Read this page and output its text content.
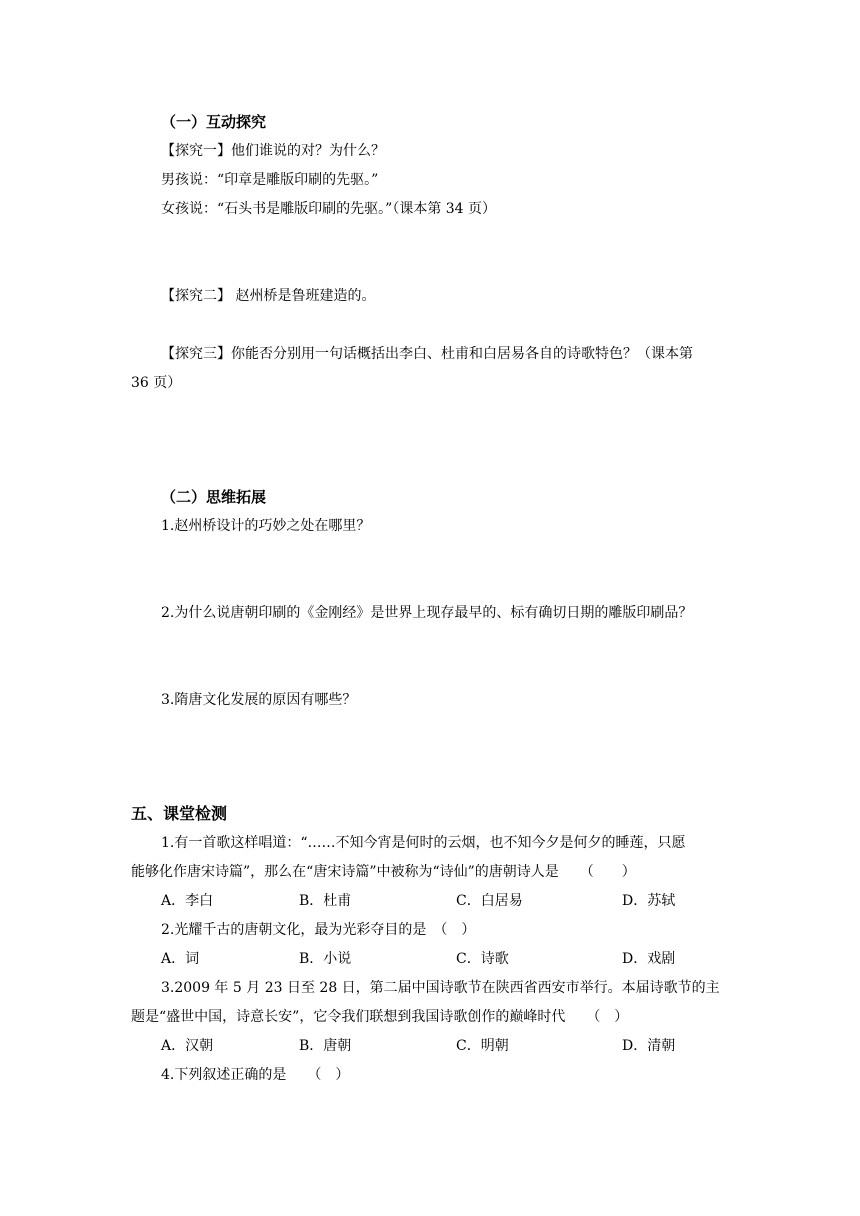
（一）互动探究
【探究一】他们谁说的对？为什么？
男孩说：“印章是雕版印刷的先驱。”
女孩说：“石头书是雕版印刷的先驱。”（课本第 34 页）
【探究二】 赵州桥是鲁班建造的。
【探究三】你能否分别用一句话概括出李白、杜甫和白居易各自的诗歌特色？（课本第
36 页）
（二）思维拓展
1.赵州桥设计的巧妙之处在哪里？
2.为什么说唐朝印刷的《金刚经》是世界上现存最早的、标有确切日期的雕版印刷品？
3.隋唐文化发展的原因有哪些？
五、课堂检测
1.有一首歌这样唱道：“……不知今宵是何时的云烟，也不知今夕是何夕的睡莲，只愿
能够化作唐宋诗篇”，那么在“唐宋诗篇”中被称为“诗仙”的唐朝诗人是　　（　　）
A．李白	B．杜甫	C．白居易	D．苏轼
2.光耀千古的唐朝文化，最为光彩夺目的是　（　）
A．词	B．小说	C．诗歌	D．戏剧
3.2009 年 5 月 23 日至 28 日，第二届中国诗歌节在陕西省西安市举行。本届诗歌节的主
题是“盛世中国，诗意长安”，它令我们联想到我国诗歌创作的巅峰时代　　（　）
A．汉朝	B．唐朝	C．明朝	D．清朝
4.下列叙述正确的是　　（　）
